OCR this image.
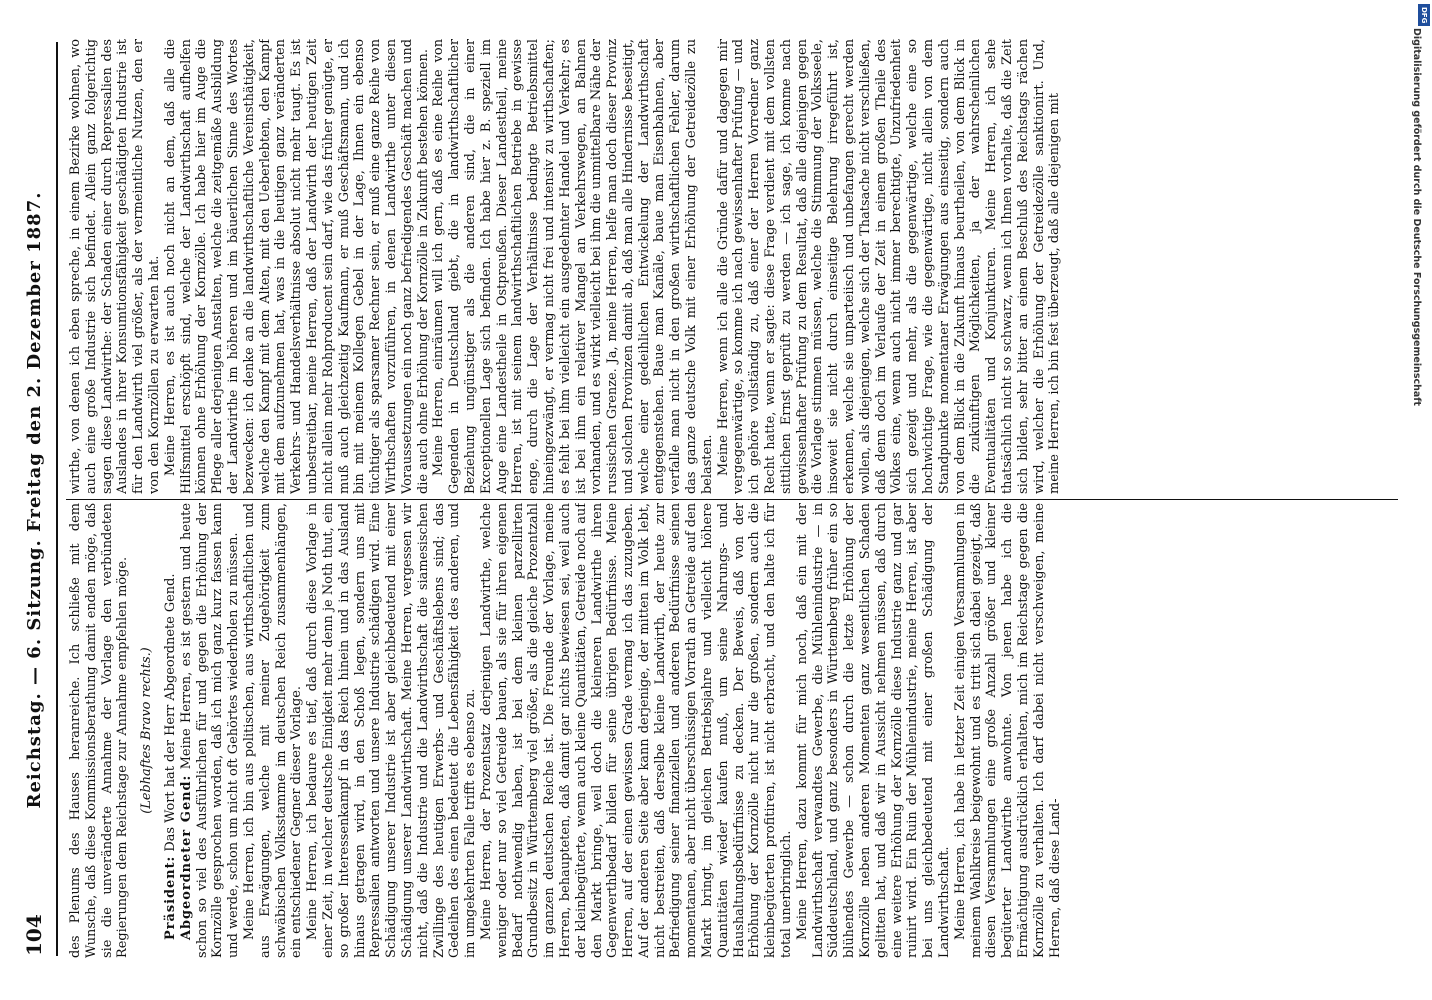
104
Reichstag. — 6. Sitzung. Freitag den 2. Dezember 1887. des Plenums des Hauses heranreiche. Ich schließe mit dem Wunsche, daß diese Kommissionsberathung damit enden möge, daß sie die unveränderte Annahme der Vorlage den verbündeten Regierungen dem Reichstage zur Annahme empfehlen möge. (Lebhaftes Bravo rechts.)

Präsident: Das Wort hat der Herr Abgeordnete Gend.

Abgeordneter Gend: Meine Herren, es ist gestern und heute schon so viel des Ausführlichen für und gegen die Erhöhung der Kornzölle gesprochen worden, daß ich mich ganz kurz fassen kann und werde, schon um nicht oft Gehörtes wiederholen zu müssen. Meine Herren, ich bin aus politischen, aus wirthschaftlichen und aus Erwägungen, welche mit meiner Zugehörigkeit zum schwäbischen Volksstamme im deutschen Reich zusammenhängen, ein entschiedener Gegner dieser Vorlage. Meine Herren, ich bedaure es tief, daß durch diese Vorlage in einer Zeit, in welcher deutsche Einigkeit mehr denn je Noth thut, ein so großer Interessenkampf in das Reich hinein und in das Ausland hinaus getragen wird, in den Schoß legen, sondern uns mit Repressalien antworten und unsere Industrie schädigen wird. Eine Schädigung unserer Industrie ist aber gleichbedeutend mit einer Schädigung unserer Landwirthschaft. Meine Herren, vergessen wir nicht, daß die Industrie und die Landwirthschaft die siamesischen Zwillinge des heutigen Erwerbs- und Geschäftslebens sind; das Gedeihen des einen bedeutet die Lebensfähigkeit des anderen, und im umgekehrten Falle trifft es ebenso zu. Meine Herren, der Prozentsatz derjenigen Landwirthe, welche weniger oder nur so viel Getreide bauen, als sie für ihren eigenen Bedarf nothwendig haben, ist bei dem kleinen parzellirten Grundbesitz in Württemberg viel größer, als die gleiche Prozentzahl im ganzen deutschen Reiche ist. Die Freunde der Vorlage, meine Herren, behaupteten, daß damit gar nichts bewiesen sei, weil auch der kleinbegüterte, wenn auch kleine Quantitäten, Getreide noch auf den Markt bringe, weil doch die kleineren Landwirthe ihren Gegenwerthbedarf bilden für seine übrigen Bedürfnisse. Meine Herren, auf der einen gewissen Grade vermag ich das zuzugeben. Auf der anderen Seite aber kann derjenige, der mitten im Volk lebt, nicht bestreiten, daß derselbe kleine Landwirth, der heute zur Befriedigung seiner finanziellen und anderen Bedürfnisse seinen momentanen, aber nicht überschüssigen Vorrath an Getreide auf den Markt bringt, im gleichen Betriebsjahre und vielleicht höhere Quantitäten wieder kaufen muß, um seine Nahrungs- und Haushaltungsbedürfnisse zu decken. Der Beweis, daß von der Erhöhung der Kornzölle nicht nur die großen, sondern auch die kleinbegüterten profitiren, ist nicht erbracht, und den halte ich für total unerbringlich. Meine Herren, dazu kommt für mich noch, daß ein mit der Landwirthschaft verwandtes Gewerbe, die Mühlenindustrie — in Süddeutschland, und ganz besonders in Württemberg früher ein so blühendes Gewerbe — schon durch die letzte Erhöhung der Kornzölle neben anderen Momenten ganz wesentlichen Schaden gelitten hat, und daß wir in Aussicht nehmen müssen, daß durch eine weitere Erhöhung der Kornzölle diese Industrie ganz und gar ruinirt wird. Ein Ruin der Mühlenindustrie, meine Herren, ist aber bei uns gleichbedeutend mit einer großen Schädigung der Landwirthschaft. Meine Herren, ich habe in letzter Zeit einigen Versammlungen in meinem Wahlkreise beigewohnt und es tritt sich dabei gezeigt, daß diesen Versammlungen eine große Anzahl größer und kleiner begüterter Landwirthe anwohnte. Von jenen habe ich die Ermächtigung ausdrücklich erhalten, mich im Reichstage gegen die Kornzölle zu verhalten. Ich darf dabei nicht verschweigen, meine Herren, daß diese Land-

wirthe, von denen ich eben spreche, in einem Bezirke wohnen, wo auch eine große Industrie sich befindet. Allein ganz folgerichtig sagen diese Landwirthe: der Schaden einer durch Repressalien des Auslandes in ihrer Konsumtionsfähigkeit geschädigten Industrie ist für den Landwirth viel größer, als der vermeintliche Nutzen, den er von den Kornzöllen zu erwarten hat. Meine Herren, es ist auch noch nicht an dem, daß alle die Hilfsmittel erschöpft sind, welche der Landwirthschaft aufhelfen können ohne Erhöhung der Kornzölle. Ich habe hier im Auge die Pflege aller derjenigen Anstalten, welche die zeitgemäße Ausbildung der Landwirthe im höheren und im bäuerlichen Sinne des Wortes bezwecken: ich denke an die landwirthschaftliche Vereinsthätigkeit, welche den Kampf mit dem Alten, mit den Ueberlebten, den Kampf mit dem aufzunehmen hat, was in die heutigen ganz veränderten Verkehrs- und Handelsverhältnisse absolut nicht mehr taugt. Es ist unbestreitbar, meine Herren, daß der Landwirth der heutigen Zeit nicht allein mehr Rohproducent sein darf, wie das früher genügte, er muß auch gleichzeitig Kaufmann, er muß Geschäftsmann, und ich bin mit meinem Kollegen Gebel in der Lage, Ihnen ein ebenso tüchtiger als sparsamer Rechner sein, er muß eine ganze Reihe von Wirthschaften vorzuführen, in denen Landwirthe unter diesen Voraussetzungen ein noch ganz befriedigendes Geschäft machen und die auch ohne Erhöhung der Kornzölle in Zukunft bestehen können. Meine Herren, einräumen will ich gern, daß es eine Reihe von Gegenden in Deutschland giebt, die in landwirthschaftlicher Beziehung ungünstiger als die anderen sind, die in einer Exceptionellen Lage sich befinden. Ich habe hier z. B. speziell im Auge eine Landestheile in Ostpreußen. Dieser Landestheil, meine Herren, ist mit seinem landwirthschaftlichen Betriebe in gewisse enge, durch die Lage der Verhältnisse bedingte Betriebsmittel hineingezwängt, er vermag nicht frei und intensiv zu wirthschaften; es fehlt bei ihm vielleicht ein ausgedehnter Handel und Verkehr; es ist bei ihm ein relativer Mangel an Verkehrswegen, an Bahnen vorhanden, und es wirkt vielleicht bei ihm die unmittelbare Nähe der russischen Grenze. Ja, meine Herren, helfe man doch dieser Provinz und solchen Provinzen damit ab, daß man alle Hindernisse beseitigt, welche einer gedeihlichen Entwickelung der Landwirthschaft entgegenstehen. Baue man Kanäle, baue man Eisenbahnen, aber verfalle man nicht in den großen wirthschaftlichen Fehler, darum das ganze deutsche Volk mit einer Erhöhung der Getreidezölle zu belasten. Meine Herren, wenn ich alle die Gründe dafür und dagegen mir vergegenwärtige, so komme ich nach gewissenhafter Prüfung — und ich gehöre vollständig zu, daß einer der Herren Vorredner ganz Recht hatte, wenn er sagte: diese Frage verdient mit dem vollsten sittlichen Ernst geprüft zu werden — ich sage, ich komme nach gewissenhafter Prüfung zu dem Resultat, daß alle diejenigen gegen die Vorlage stimmen müssen, welche die Stimmung der Volksseele, insoweit sie nicht durch einseitige Belehrung irregeführt ist, erkennen, welche sie unparteiisch und unbefangen gerecht werden wollen, als diejenigen, welche sich der Thatsache nicht verschließen, daß denn doch im Verlaufe der Zeit in einem großen Theile des Volkes eine, wenn auch nicht immer berechtigte, Unzufriedenheit sich gezeigt und mehr, als die gegenwärtige, welche eine so hochwichtige Frage, wie die gegenwärtige, nicht allein von dem Standpunkte momentaner Erwägungen aus einseitig, sondern auch von dem Blick in die Zukunft hinaus beurtheilen, von dem Blick in die zukünftigen Möglichkeiten, ja der wahrscheinlichen Eventualitäten und Konjunkturen. Meine Herren, ich sehe thatsächlich nicht so schwarz, wenn ich Ihnen vorhalte, daß die Zeit sich bilden, sehr bitter an einem Beschluß des Reichstags rächen wird, welcher die Erhöhung der Getreidezölle sanktionirt. Und, meine Herren, ich bin fest überzeugt, daß alle diejenigen mit	Digitalisierung gefördert durch die Deutsche Forschungsgemeinschaft
DFG
